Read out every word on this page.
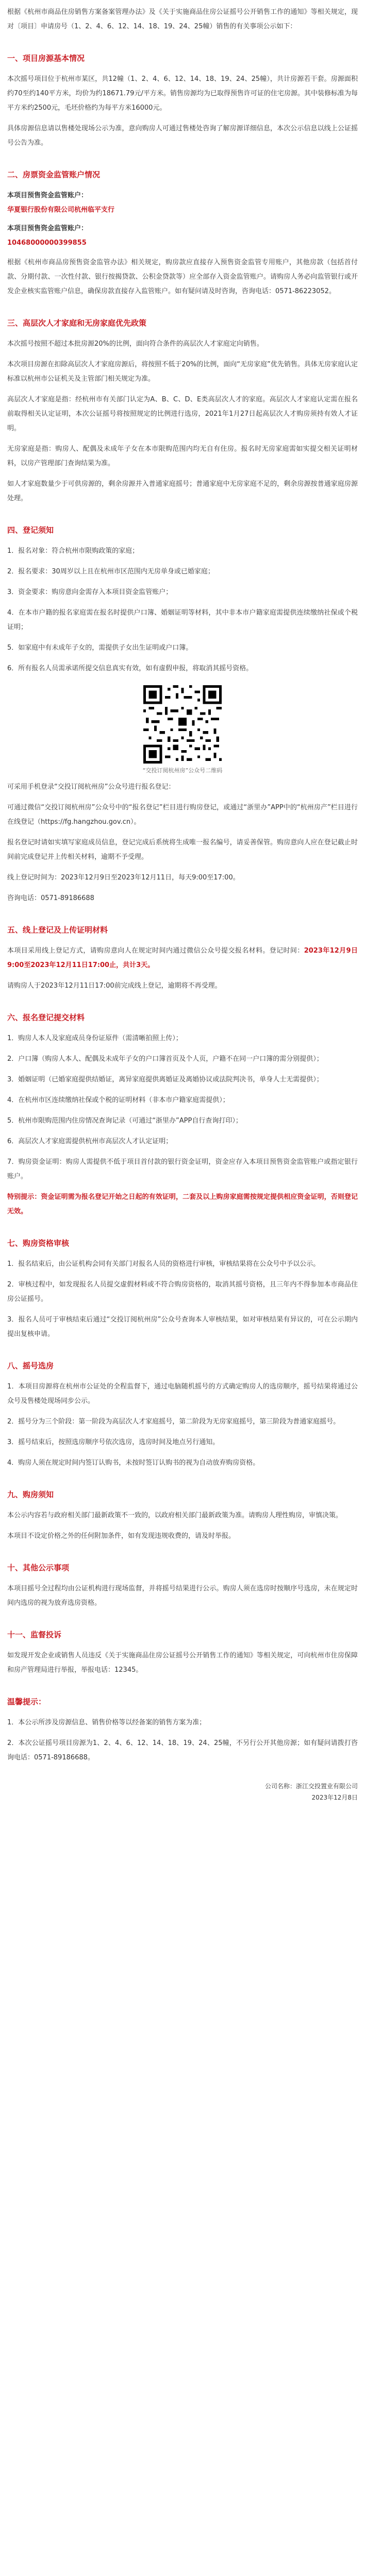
根据《杭州市商品住房销售方案备案管理办法》及《关于实施商品住房公证摇号公开销售工作的通知》等相关规定，现对〔项目〕申请房号（1、2、4、6、12、14、18、19、24、25幢）销售的有关事项公示如下：

一、项目房源基本情况

本次摇号项目位于杭州市某区，共12幢（1、2、4、6、12、14、18、19、24、25幢），共计房源若干套。房源面积约70至约140平方米，均价为约18671.79元/平方米。销售房源均为已取得预售许可证的住宅房源。其中装修标准为每平方米约2500元，毛坯价格约为每平方米16000元。

具体房源信息请以售楼处现场公示为准，意向购房人可通过售楼处咨询了解房源详细信息，本次公示信息以线上公证摇号公告为准。

二、房票资金监管账户情况
本项目预售资金监管账户：
华夏银行股份有限公司杭州临平支行
本项目预售资金监管账户：
10468000000399855

根据《杭州市商品房预售资金监管办法》相关规定，购房款应直接存入预售资金监管专用账户，其他房款（包括首付款、分期付款、一次性付款、银行按揭贷款、公积金贷款等）应全部存入资金监管账户。请购房人务必向监管银行或开发企业核实监管账户信息，确保房款直接存入监管账户。如有疑问请及时咨询，咨询电话：0571-86223052。

三、高层次人才家庭和无房家庭优先政策

本次摇号按照不超过本批房源20%的比例，面向符合条件的高层次人才家庭定向销售。

本次项目房源在扣除高层次人才家庭房源后，将按照不低于20%的比例，面向“无房家庭”优先销售。具体无房家庭认定标准以杭州市公证机关及主管部门相关规定为准。

高层次人才家庭是指：经杭州市有关部门认定为A、B、C、D、E类高层次人才的家庭。高层次人才家庭认定需在报名前取得相关认定证明，本次公证摇号将按照规定的比例进行选房，2021年1月27日起高层次人才购房须持有效人才证明。

无房家庭是指：购房人、配偶及未成年子女在本市限购范围内均无自有住房。报名时无房家庭需如实提交相关证明材料，以房产管理部门查询结果为准。

如人才家庭数量少于可供房源的，剩余房源并入普通家庭摇号；普通家庭中无房家庭不足的，剩余房源按普通家庭房源处理。

四、登记须知

1．报名对象：符合杭州市限购政策的家庭；

2．报名要求：30周岁以上且在杭州市区范围内无房单身或已婚家庭；

3．资金要求：购房意向金需存入本项目资金监管账户；

4．在本市户籍的报名家庭需在报名时提供户口簿、婚姻证明等材料，其中非本市户籍家庭需提供连续缴纳社保或个税证明；

5．如家庭中有未成年子女的，需提供子女出生证明或户口簿。

6．所有报名人员需承诺所提交信息真实有效，如有虚假申报，将取消其摇号资格。

“交投订阅杭州房”公众号二维码

可采用手机登录“交投订阅杭州房”公众号进行报名登记：

可通过微信“交投订阅杭州房”公众号中的“报名登记”栏目进行购房登记，或通过“浙里办”APP中的“杭州房产”栏目进行在线登记（https://fg.hangzhou.gov.cn）。

报名登记时请如实填写家庭成员信息，登记完成后系统将生成唯一报名编号，请妥善保管。购房意向人应在登记截止时间前完成登记并上传相关材料，逾期不予受理。

线上登记时间为：2023年12月9日至2023年12月11日，每天9:00至17:00。

咨询电话：0571-89186688

五、线上登记及上传证明材料

本项目采用线上登记方式，请购房意向人在规定时间内通过微信公众号提交报名材料。登记时间：2023年12月9日9:00至2023年12月11日17:00止，共计3天。

请购房人于2023年12月11日17:00前完成线上登记，逾期将不再受理。

六、报名登记提交材料

1．购房人本人及家庭成员身份证原件（需清晰拍照上传）；

2．户口簿（购房人本人、配偶及未成年子女的户口簿首页及个人页，户籍不在同一户口簿的需分别提供）；

3．婚姻证明（已婚家庭提供结婚证，离异家庭提供离婚证及离婚协议或法院判决书，单身人士无需提供）；

4．在杭州市区连续缴纳社保或个税的证明材料（非本市户籍家庭需提供）；

5．杭州市限购范围内住房情况查询记录（可通过“浙里办”APP自行查询打印）；

6．高层次人才家庭需提供杭州市高层次人才认定证明；

7．购房资金证明：购房人需提供不低于项目首付款的银行资金证明，资金应存入本项目预售资金监管账户或指定银行账户。

特别提示：资金证明需为报名登记开始之日起的有效证明，二套及以上购房家庭需按规定提供相应资金证明，否则登记无效。

七、购房资格审核

1．报名结束后，由公证机构会同有关部门对报名人员的资格进行审核，审核结果将在公众号中予以公示。

2．审核过程中，如发现报名人员提交虚假材料或不符合购房资格的，取消其摇号资格，且三年内不得参加本市商品住房公证摇号。

3．报名人员可于审核结束后通过“交投订阅杭州房”公众号查询本人审核结果，如对审核结果有异议的，可在公示期内提出复核申请。

八、摇号选房

1．本项目房源将在杭州市公证处的全程监督下，通过电脑随机摇号的方式确定购房人的选房顺序，摇号结果将通过公众号及售楼处现场同步公示。

2．摇号分为三个阶段：第一阶段为高层次人才家庭摇号，第二阶段为无房家庭摇号，第三阶段为普通家庭摇号。

3．摇号结束后，按照选房顺序号依次选房，选房时间及地点另行通知。

4．购房人须在规定时间内签订认购书，未按时签订认购书的视为自动放弃购房资格。

九、购房须知

本公示内容若与政府相关部门最新政策不一致的，以政府相关部门最新政策为准。请购房人理性购房，审慎决策。

本项目不设定价格之外的任何附加条件，如有发现违规收费的，请及时举报。

十、其他公示事项

本项目摇号全过程均由公证机构进行现场监督，并将摇号结果进行公示。购房人须在选房时按顺序号选房，未在规定时间内选房的视为放弃选房资格。

十一、监督投诉

如发现开发企业或销售人员违反《关于实施商品住房公证摇号公开销售工作的通知》等相关规定，可向杭州市住房保障和房产管理局进行举报，举报电话：12345。

温馨提示：

1．本公示所涉及房源信息、销售价格等以经备案的销售方案为准；

2．本次公证摇号项目房源为1、2、4、6、12、14、18、19、24、25幢，不另行公开其他房源；如有疑问请拨打咨询电话：0571-89186688。

公司名称：浙江交投置业有限公司
2023年12月8日
